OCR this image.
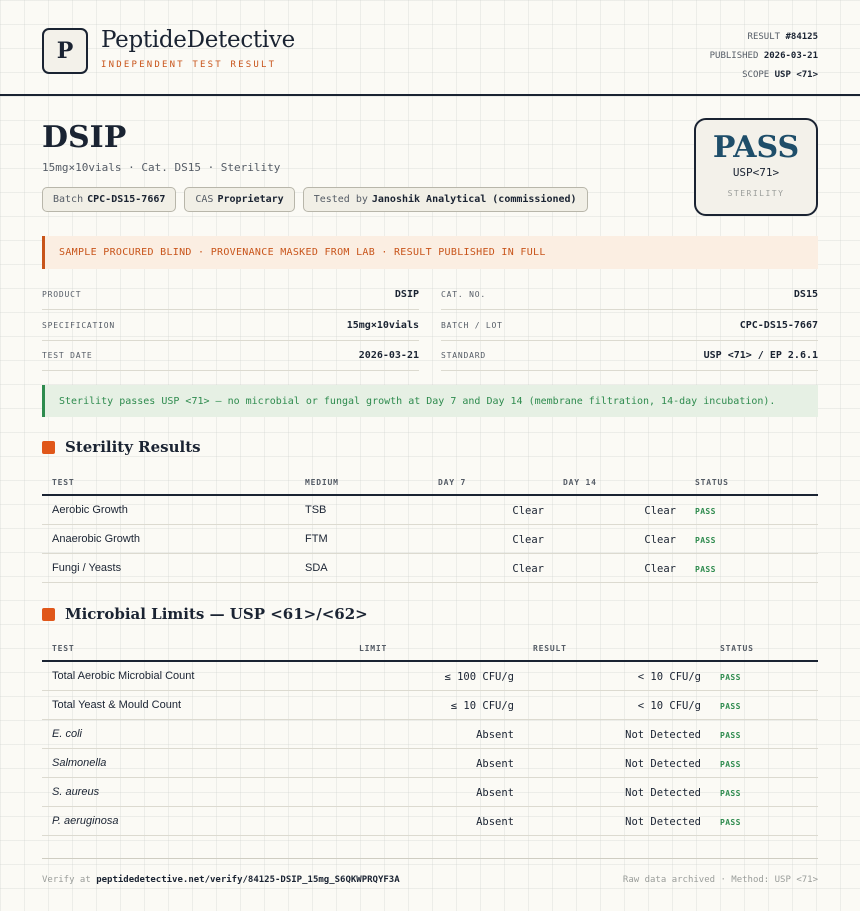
P	PeptideDetective
INDEPENDENT TEST RESULT
RESULT #84125
PUBLISHED 2026-03-21
SCOPE USP <71>
DSIP
15mg×10vials · Cat. DS15 · Sterility
Batch CPC-DS15-7667	CAS Proprietary	Tested by Janoshik Analytical (commissioned)
PASS
USP<71>
STERILITY
SAMPLE PROCURED BLIND · PROVENANCE MASKED FROM LAB · RESULT PUBLISHED IN FULL
PRODUCT	DSIP
SPECIFICATION	15mg×10vials
TEST DATE	2026-03-21
CAT. NO.	DS15
BATCH / LOT	CPC-DS15-7667
STANDARD	USP <71> / EP 2.6.1
Sterility passes USP <71> — no microbial or fungal growth at Day 7 and Day 14 (membrane filtration, 14-day incubation).
Sterility Results
TEST	MEDIUM	DAY 7	DAY 14	STATUS
Aerobic Growth	TSB	Clear	Clear PASS
Anaerobic Growth	FTM	Clear	Clear PASS
Fungi / Yeasts	SDA	Clear	Clear PASS
Microbial Limits — USP <61>/<62>
TEST	LIMIT	RESULT	STATUS
Total Aerobic Microbial Count	≤ 100 CFU/g	< 10 CFU/g PASS
Total Yeast & Mould Count	≤ 10 CFU/g	< 10 CFU/g PASS
E. coli	Absent	Not Detected PASS
Salmonella	Absent	Not Detected PASS
S. aureus	Absent	Not Detected PASS
P. aeruginosa	Absent	Not Detected PASS
Verify at peptidedetective.net/verify/84125-DSIP_15mg_S6QKWPRQYF3A	Raw data archived · Method: USP <71>
